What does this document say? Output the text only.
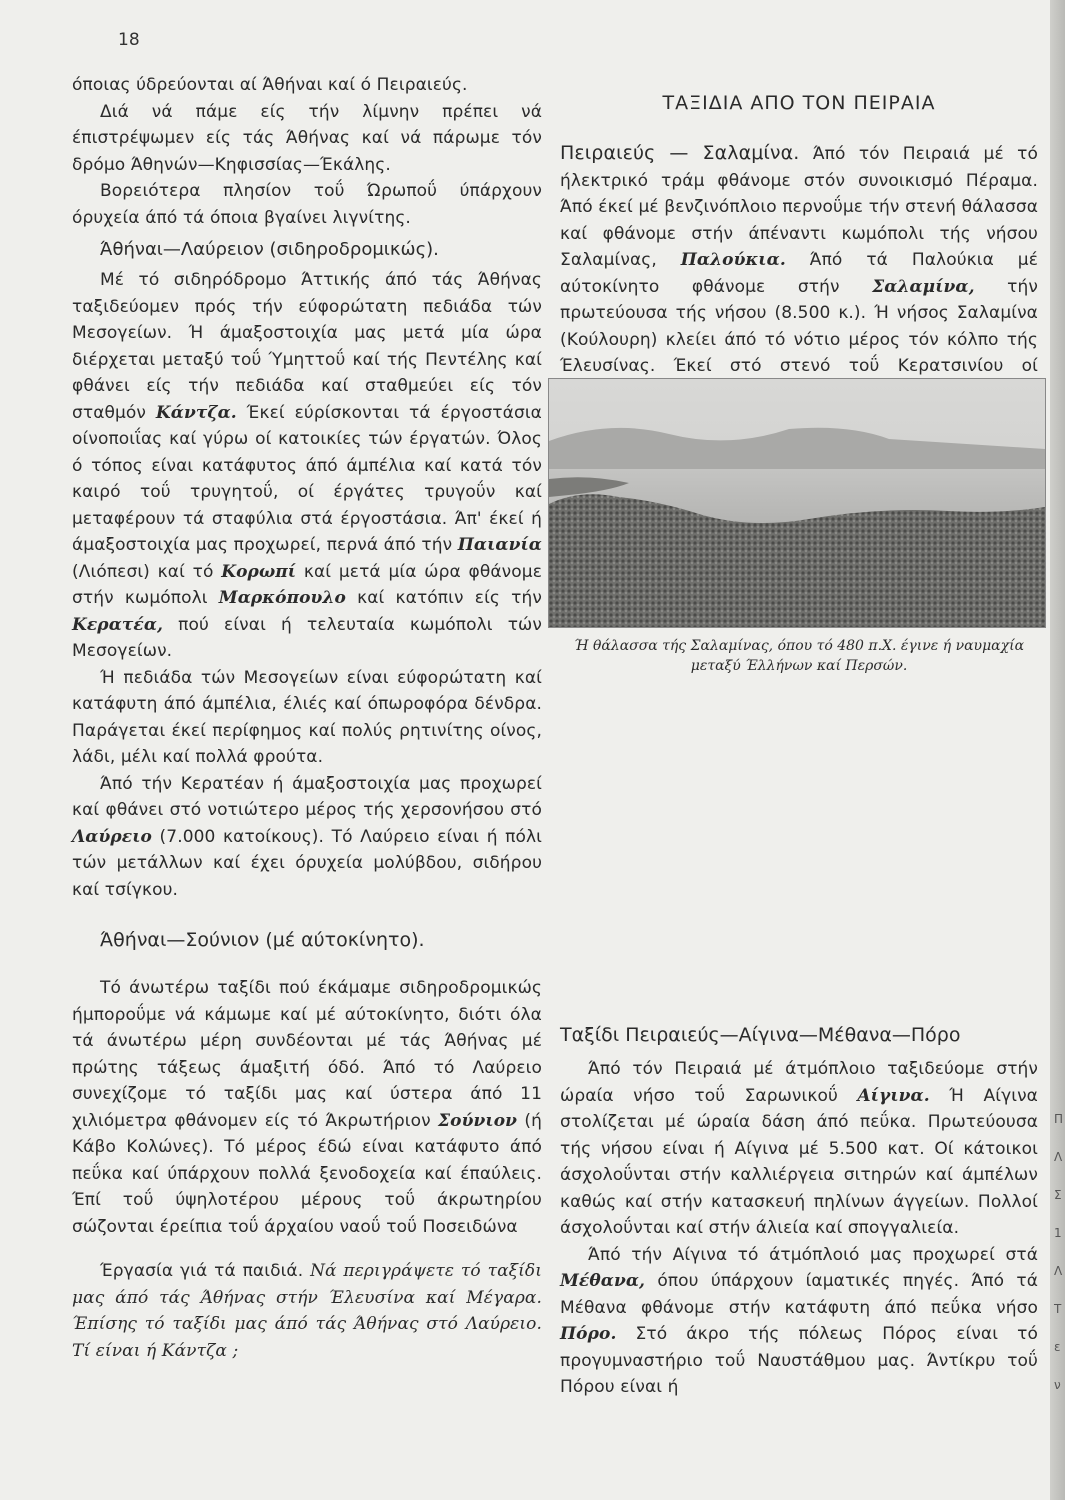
18

όποιας ύδρεύονται αί Άθήναι καί ό Πειραιεύς.

Διά νά πάμε είς τήν λίμνην πρέπει νά έπιστρέψωμεν είς τάς Άθήνας καί νά πάρωμε τόν δρόμο Άθηνών—Κηφισσίας—Έκάλης.

Βορειότερα πλησίον τοΰ Ώρωποΰ ύπάρχουν όρυχεία άπό τά όποια βγαίνει λιγνίτης.

Άθήναι—Λαύρειον (σιδηροδρομικώς).

Μέ τό σιδηρόδρομο Άττικής άπό τάς Άθήνας ταξιδεύομεν πρός τήν εύφορώτατη πεδιάδα τών Μεσογείων. Ή άμαξοστοιχία μας μετά μία ώρα διέρχεται μεταξύ τοΰ Ύμηττοΰ καί τής Πεντέλης καί φθάνει είς τήν πεδιάδα καί σταθμεύει είς τόν σταθμόν Κάντζα. Έκεί εύρίσκονται τά έργοστάσια οίνοποιΐας καί γύρω οί κατοικίες τών έργατών. Όλος ό τόπος είναι κατάφυτος άπό άμπέλια καί κατά τόν καιρό τοΰ τρυγητοΰ, οί έργάτες τρυγοΰν καί μεταφέρουν τά σταφύλια στά έργοστάσια. Άπ' έκεί ή άμαξοστοιχία μας προχωρεί, περνά άπό τήν Παιανία (Λιόπεσι) καί τό Κορωπί καί μετά μία ώρα φθάνομε στήν κωμόπολι Μαρκόπουλο καί κατόπιν είς τήν Κερατέα, πού είναι ή τελευταία κωμόπολι τών Μεσογείων.

Ή πεδιάδα τών Μεσογείων είναι εύφορώτατη καί κατάφυτη άπό άμπέλια, έλιές καί όπωροφόρα δένδρα. Παράγεται έκεί περίφημος καί πολύς ρητινίτης οίνος, λάδι, μέλι καί πολλά φρούτα.

Άπό τήν Κερατέαν ή άμαξοστοιχία μας προχωρεί καί φθάνει στό νοτιώτερο μέρος τής χερσονήσου στό Λαύρειο (7.000 κατοίκους). Τό Λαύρειο είναι ή πόλι τών μετάλλων καί έχει όρυχεία μολύβδου, σιδήρου καί τσίγκου.

Άθήναι—Σούνιον (μέ αύτοκίνητο).

Τό άνωτέρω ταξίδι πού έκάμαμε σιδηροδρομικώς ήμποροΰμε νά κάμωμε καί μέ αύτοκίνητο, διότι όλα τά άνωτέρω μέρη συνδέονται μέ τάς Άθήνας μέ πρώτης τάξεως άμαξιτή όδό. Άπό τό Λαύρειο συνεχίζομε τό ταξίδι μας καί ύστερα άπό 11 χιλιόμετρα φθάνομεν είς τό Άκρωτήριον Σούνιον (ή Κάβο Κολώνες). Τό μέρος έδώ είναι κατάφυτο άπό πεΰκα καί ύπάρχουν πολλά ξενοδοχεία καί έπαύλεις. Έπί τοΰ ύψηλοτέρου μέρους τοΰ άκρωτηρίου σώζονται έρείπια τοΰ άρχαίου ναοΰ τοΰ Ποσειδώνα

Έργασία γιά τά παιδιά. Νά περιγράψετε τό ταξίδι μας άπό τάς Άθήνας στήν Έλευσίνα καί Μέγαρα. Έπίσης τό ταξίδι μας άπό τάς Άθήνας στό Λαύρειο. Τί είναι ή Κάντζα ;

ΤΑΞΙΔΙΑ ΑΠΟ ΤΟΝ ΠΕΙΡΑΙΑ

Πειραιεύς — Σαλαμίνα. Άπό τόν Πειραιά μέ τό ήλεκτρικό τράμ φθάνομε στόν συνοικισμό Πέραμα. Άπό έκεί μέ βενζινόπλοιο περνοΰμε τήν στενή θάλασσα καί φθάνομε στήν άπέναντι κωμόπολι τής νήσου Σαλαμίνας, Παλούκια. Άπό τά Παλούκια μέ αύτοκίνητο φθάνομε στήν Σαλαμίνα, τήν πρωτεύουσα τής νήσου (8.500 κ.). Ή νήσος Σαλαμίνα (Κούλουρη) κλείει άπό τό νότιο μέρος τόν κόλπο τής Έλευσίνας. Έκεί στό στενό τοΰ Κερατσινίου οί

Ή θάλασσα τής Σαλαμίνας, όπου τό 480 π.Χ. έγινε ή ναυμαχία μεταξύ Έλλήνων καί Περσών.
Π Λ Σ 1 Λ Τ ε ν
Ταξίδι Πειραιεύς—Αίγινα—Μέθανα—Πόρο

Άπό τόν Πειραιά μέ άτμόπλοιο ταξιδεύομε στήν ώραία νήσο τοΰ Σαρωνικοΰ Αίγινα. Ή Αίγινα στολίζεται μέ ώραία δάση άπό πεΰκα. Πρωτεύουσα τής νήσου είναι ή Αίγινα μέ 5.500 κατ. Οί κάτοικοι άσχολοΰνται στήν καλλιέργεια σιτηρών καί άμπέλων καθώς καί στήν κατασκευή πηλίνων άγγείων. Πολλοί άσχολοΰνται καί στήν άλιεία καί σπογγαλιεία.

Άπό τήν Αίγινα τό άτμόπλοιό μας προχωρεί στά Μέθανα, όπου ύπάρχουν ίαματικές πηγές. Άπό τά Μέθανα φθάνομε στήν κατάφυτη άπό πεΰκα νήσο Πόρο. Στό άκρο τής πόλεως Πόρος είναι τό προγυμναστήριο τοΰ Ναυστάθμου μας. Άντίκρυ τοΰ Πόρου είναι ή
